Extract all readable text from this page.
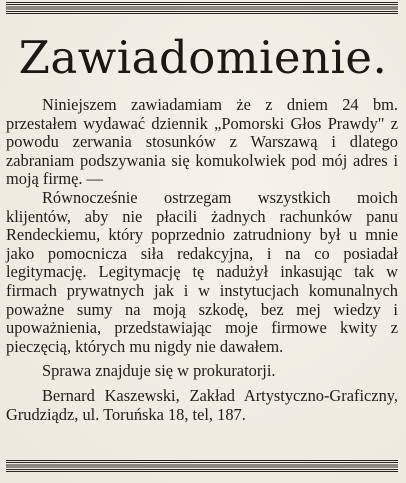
Zawiadomienie.

Niniejszem zawiadamiam że z dniem 24 bm. przestałem wydawać dziennik „Pomorski Głos Prawdy" z powodu zerwania stosunków z Warszawą i dlatego zabraniam podszywania się komukolwiek pod mój adres i moją firmę. —

Równocześnie ostrzegam wszystkich moich klijentów, aby nie płacili żadnych rachunków panu Rendeckiemu, który poprzednio zatrudniony był u mnie jako pomocnicza siła redakcyjna, i na co posiadał legitymację. Legitymację tę nadużył inkasując tak w firmach prywatnych jak i w instytucjach komunalnych poważne sumy na moją szkodę, bez mej wiedzy i upoważnienia, przedstawiając moje firmowe kwity z pieczęcią, których mu nigdy nie dawałem.

Sprawa znajduje się w prokuratorji.

Bernard Kaszewski, Zakład Artystyczno-Graficzny, Grudziądz, ul. Toruńska 18, tel, 187.
